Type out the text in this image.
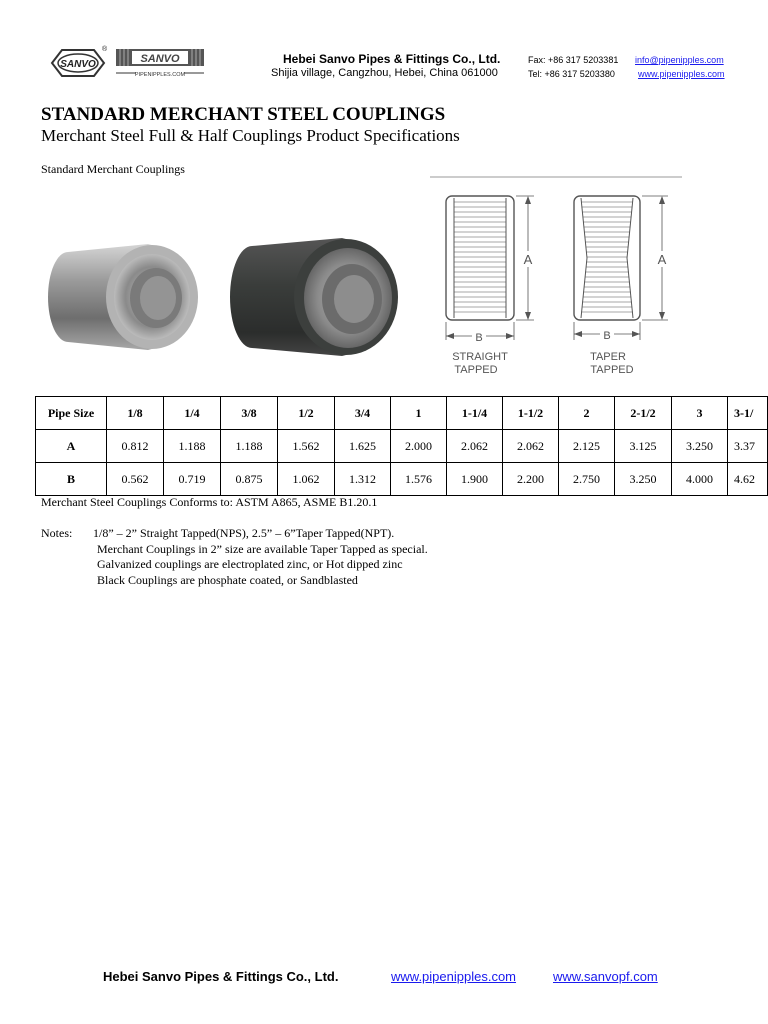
SANVO
®
SANVO
PIPENIPPLES.COM
Hebei Sanvo Pipes & Fittings Co., Ltd.
Shijia village, Cangzhou, Hebei, China 061000
Fax: +86 317 5203381
Tel: +86 317 5203380
info@pipenipples.com
www.pipenipples.com
STANDARD MERCHANT STEEL COUPLINGS
Merchant Steel Full & Half Couplings Product Specifications
Standard Merchant Couplings
A
B
STRAIGHT
TAPPED
A
B
TAPER
TAPPED
Pipe Size	1/8	1/4	3/8	1/2	3/4	1	1-1/4	1-1/2	2	2-1/2	3	3-1/
A	0.812	1.188	1.188	1.562	1.625	2.000	2.062	2.062	2.125	3.125	3.250	3.37
B	0.562	0.719	0.875	1.062	1.312	1.576	1.900	2.200	2.750	3.250	4.000	4.62
Merchant Steel Couplings Conforms to: ASTM A865, ASME B1.20.1
Notes: 1/8” – 2” Straight Tapped(NPS), 2.5” – 6”Taper Tapped(NPT).
Merchant Couplings in 2” size are available Taper Tapped as special.
Galvanized couplings are electroplated zinc, or Hot dipped zinc
Black Couplings are phosphate coated, or Sandblasted
Hebei Sanvo Pipes & Fittings Co., Ltd.	www.pipenipples.com	www.sanvopf.com
